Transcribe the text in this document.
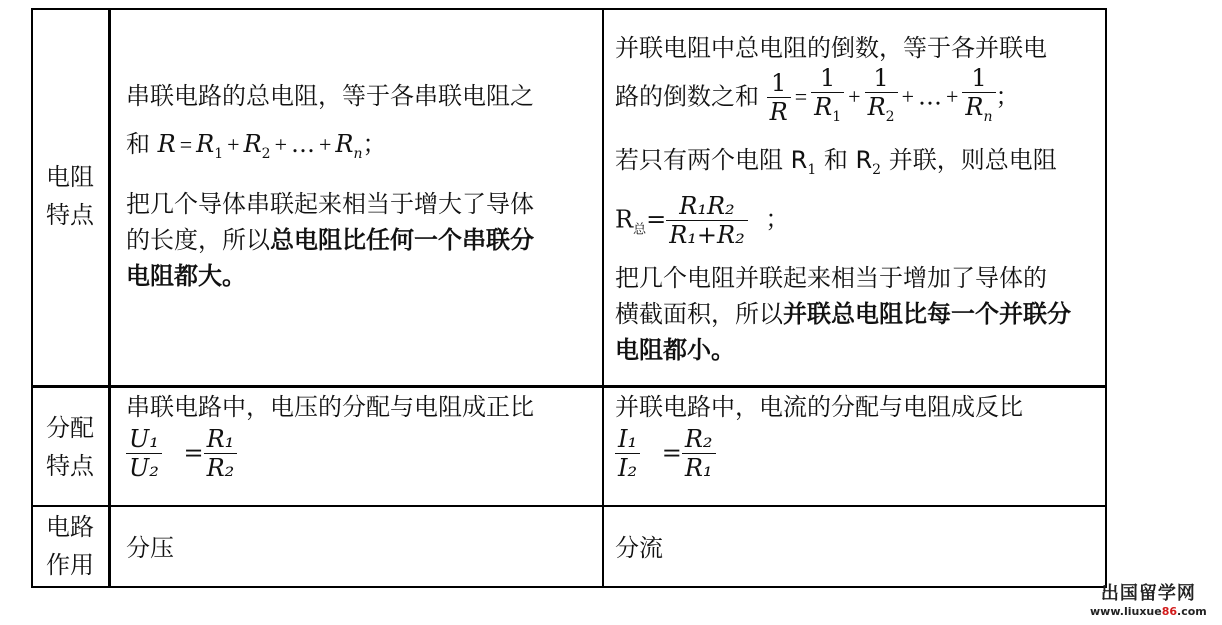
电阻
特点
串联电路的总电阻，等于各串联电阻之
和 $R = R_1 + R_2$ + … + $R_n$；
把几个导体串联起来相当于增大了导体
的长度，所以总电阻比任何一个串联分
电阻都大。
并联电阻中总电阻的倒数，等于各并联电
路的倒数之和 $\frac{1}{R} = \frac{1}{R_1} + \frac{1}{R_2}$ + … + $\frac{1}{R_n}$ ；
若只有两个电阻 $R_1$ 和 $R_2$ 并联，则总电阻
$R_总= \frac{\text{R₁R₂}}{\text{R₁+R₂}}$ ；
把几个电阻并联起来相当于增加了导体的
横截面积，所以并联总电阻比每一个并联分
电阻都小。
分配
特点
串联电路中，电压的分配与电阻成正比
$\frac{\text{U₁}}{\text{U₂}} = \frac{\text{R₁}}{\text{R₂}}$
并联电路中，电流的分配与电阻成反比
$\frac{\text{I₁}}{\text{I₂}} = \frac{\text{R₂}}{\text{R₁}}$
电路
作用
分压	分流
出国留学网
www.liuxue86.com
